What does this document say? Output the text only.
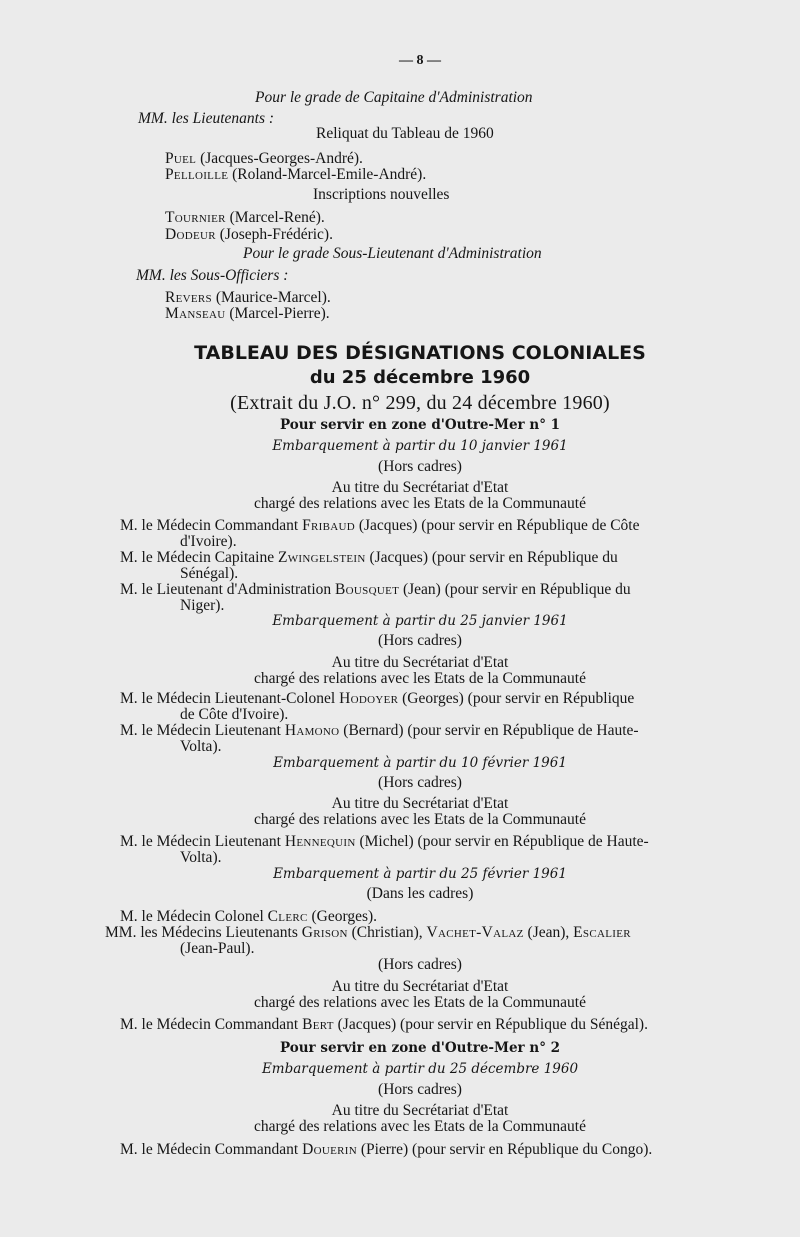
— 8 —
Pour le grade de Capitaine d'Administration
MM. les Lieutenants :
Reliquat du Tableau de 1960
Puel (Jacques-Georges-André).
Pelloille (Roland-Marcel-Emile-André).
Inscriptions nouvelles
Tournier (Marcel-René).
Dodeur (Joseph-Frédéric).
Pour le grade Sous-Lieutenant d'Administration
MM. les Sous-Officiers :
Revers (Maurice-Marcel).
Manseau (Marcel-Pierre).
TABLEAU DES DÉSIGNATIONS COLONIALES
du 25 décembre 1960
(Extrait du J.O. n° 299, du 24 décembre 1960)
Pour servir en zone d'Outre-Mer n° 1
Embarquement à partir du 10 janvier 1961
(Hors cadres)
Au titre du Secrétariat d'Etat
chargé des relations avec les Etats de la Communauté
M. le Médecin Commandant Fribaud (Jacques) (pour servir en République de Côte
d'Ivoire).
M. le Médecin Capitaine Zwingelstein (Jacques) (pour servir en République du
Sénégal).
M. le Lieutenant d'Administration Bousquet (Jean) (pour servir en République du
Niger).
Embarquement à partir du 25 janvier 1961
(Hors cadres)
Au titre du Secrétariat d'Etat
chargé des relations avec les Etats de la Communauté
M. le Médecin Lieutenant-Colonel Hodoyer (Georges) (pour servir en République
de Côte d'Ivoire).
M. le Médecin Lieutenant Hamono (Bernard) (pour servir en République de Haute-
Volta).
Embarquement à partir du 10 février 1961
(Hors cadres)
Au titre du Secrétariat d'Etat
chargé des relations avec les Etats de la Communauté
M. le Médecin Lieutenant Hennequin (Michel) (pour servir en République de Haute-
Volta).
Embarquement à partir du 25 février 1961
(Dans les cadres)
M. le Médecin Colonel Clerc (Georges).
MM. les Médecins Lieutenants Grison (Christian), Vachet-Valaz (Jean), Escalier
(Jean-Paul).
(Hors cadres)
Au titre du Secrétariat d'Etat
chargé des relations avec les Etats de la Communauté
M. le Médecin Commandant Bert (Jacques) (pour servir en République du Sénégal).
Pour servir en zone d'Outre-Mer n° 2
Embarquement à partir du 25 décembre 1960
(Hors cadres)
Au titre du Secrétariat d'Etat
chargé des relations avec les Etats de la Communauté
M. le Médecin Commandant Douerin (Pierre) (pour servir en République du Congo).
